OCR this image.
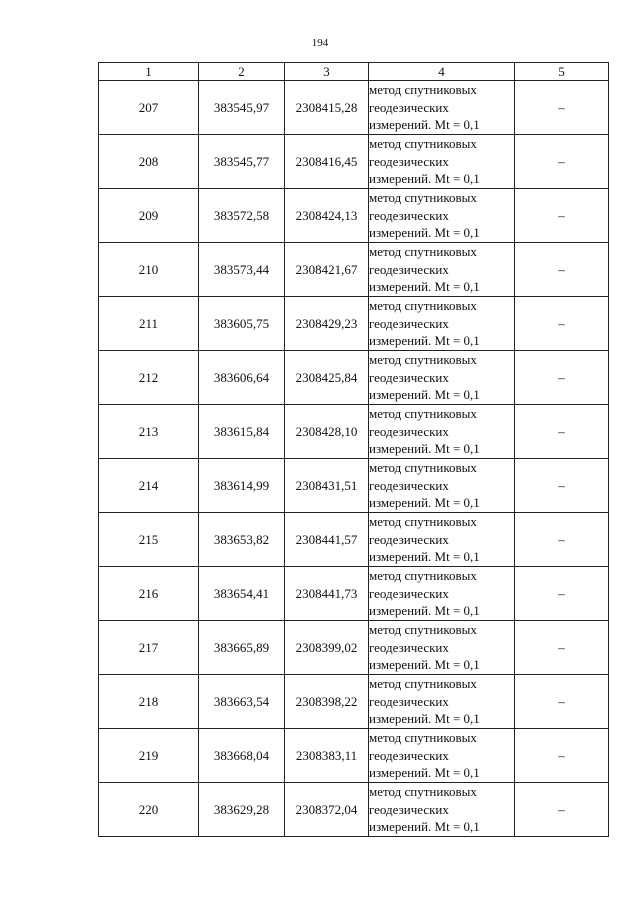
194
1	2	3	4	5
207	383545,97	2308415,28	метод спутниковых
геодезических
измерений. Mt = 0,1	–
208	383545,77	2308416,45	метод спутниковых
геодезических
измерений. Mt = 0,1	–
209	383572,58	2308424,13	метод спутниковых
геодезических
измерений. Mt = 0,1	–
210	383573,44	2308421,67	метод спутниковых
геодезических
измерений. Mt = 0,1	–
211	383605,75	2308429,23	метод спутниковых
геодезических
измерений. Mt = 0,1	–
212	383606,64	2308425,84	метод спутниковых
геодезических
измерений. Mt = 0,1	–
213	383615,84	2308428,10	метод спутниковых
геодезических
измерений. Mt = 0,1	–
214	383614,99	2308431,51	метод спутниковых
геодезических
измерений. Mt = 0,1	–
215	383653,82	2308441,57	метод спутниковых
геодезических
измерений. Mt = 0,1	–
216	383654,41	2308441,73	метод спутниковых
геодезических
измерений. Mt = 0,1	–
217	383665,89	2308399,02	метод спутниковых
геодезических
измерений. Mt = 0,1	–
218	383663,54	2308398,22	метод спутниковых
геодезических
измерений. Mt = 0,1	–
219	383668,04	2308383,11	метод спутниковых
геодезических
измерений. Mt = 0,1	–
220	383629,28	2308372,04	метод спутниковых
геодезических
измерений. Mt = 0,1	–
